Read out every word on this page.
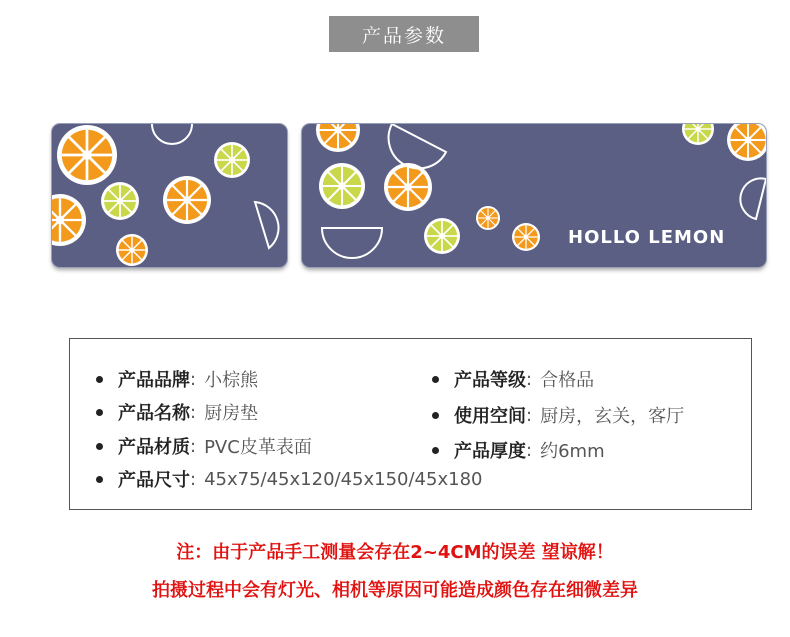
产品参数
HOLLO LEMON
产品品牌 : 小棕熊	产品等级 : 合格品
产品名称 : 厨房垫	使用空间 : 厨房，玄关，客厅
产品材质 : PVC皮革表面	产品厚度 : 约6mm
产品尺寸 : 45x75/45x120/45x150/45x180
注：由于产品手工测量会存在2~4CM的误差 望谅解！
拍摄过程中会有灯光、相机等原因可能造成颜色存在细微差异
